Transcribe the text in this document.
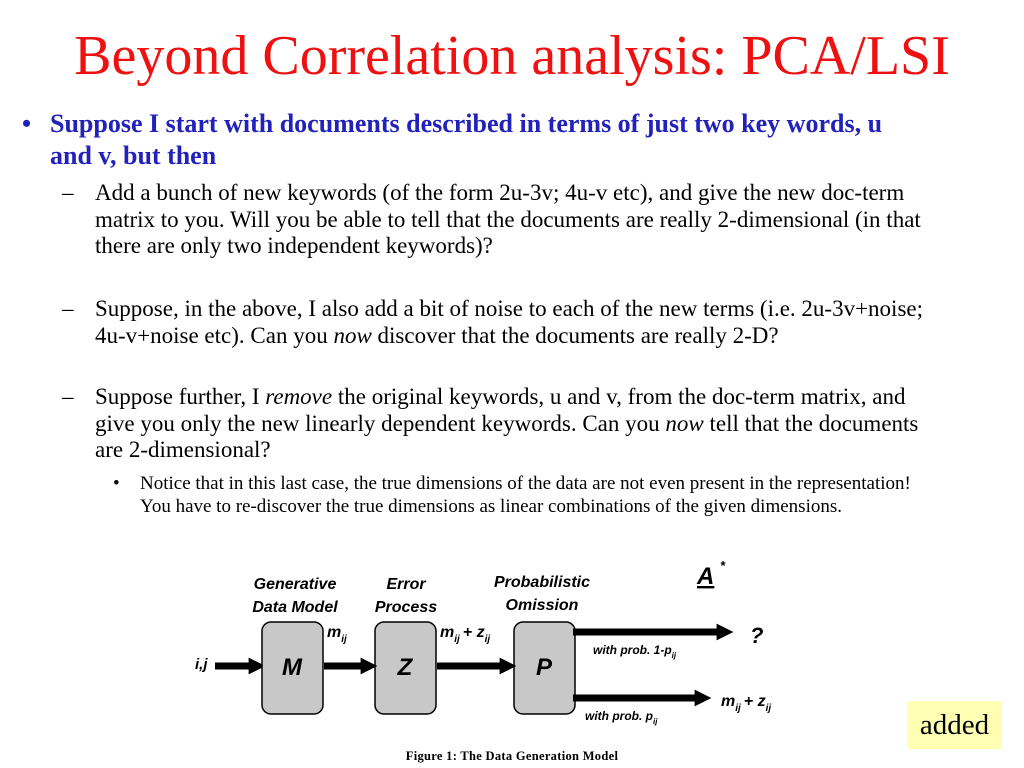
Beyond Correlation analysis: PCA/LSI
• Suppose I start with documents described in terms of just two key words, u and v, but then
– Add a bunch of new keywords (of the form 2u-3v; 4u-v etc), and give the new doc-term matrix to you. Will you be able to tell that the documents are really 2-dimensional (in that there are only two independent keywords)?
– Suppose, in the above, I also add a bit of noise to each of the new terms (i.e. 2u-3v+noise; 4u-v+noise etc). Can you now discover that the documents are really 2-D?
– Suppose further, I remove the original keywords, u and v, from the doc-term matrix, and give you only the new linearly dependent keywords. Can you now tell that the documents are 2-dimensional?
• Notice that in this last case, the true dimensions of the data are not even present in the representation! You have to re-discover the true dimensions as linear combinations of the given dimensions.
Generative
Data Model
Error
Process
Probabilistic
Omission
A *
i,j	M	Z	P
$m_{ij}$	$m_{ij} + z_{ij}$	?
with prob. $1-p_{ij}$
$m_{ij} + z_{ij}$
with prob. $p_{ij}$
Figure 1: The Data Generation Model
added
